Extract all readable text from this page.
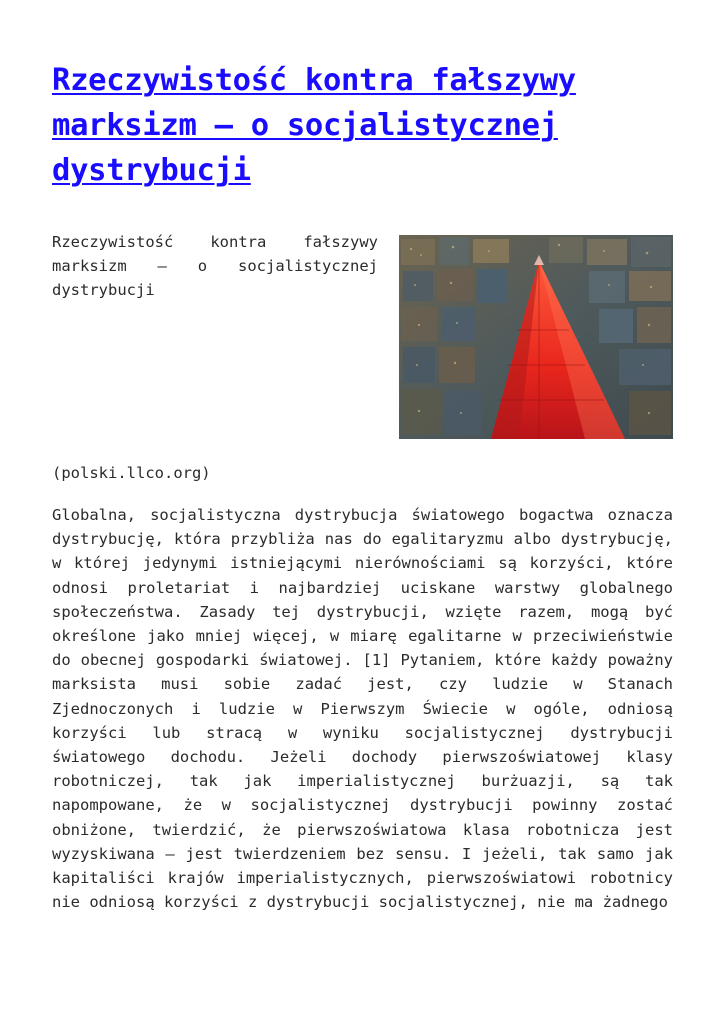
Rzeczywistość kontra fałszywy marksizm – o socjalistycznej dystrybucji
Rzeczywistość kontra fałszywy marksizm – o socjalistycznej dystrybucji
(polski.llco.org)
Globalna, socjalistyczna dystrybucja światowego bogactwa oznacza dystrybucję, która przybliża nas do egalitaryzmu albo dystrybucję, w której jedynymi istniejącymi nierównościami są korzyści, które odnosi proletariat i najbardziej uciskane warstwy globalnego społeczeństwa. Zasady tej dystrybucji, wzięte razem, mogą być określone jako mniej więcej, w miarę egalitarne w przeciwieństwie do obecnej gospodarki światowej. [1] Pytaniem, które każdy poważny marksista musi sobie zadać jest, czy ludzie w Stanach Zjednoczonych i ludzie w Pierwszym Świecie w ogóle, odniosą korzyści lub stracą w wyniku socjalistycznej dystrybucji światowego dochodu. Jeżeli dochody pierwszoświatowej klasy robotniczej, tak jak imperialistycznej burżuazji, są tak napompowane, że w socjalistycznej dystrybucji powinny zostać obniżone, twierdzić, że pierwszoświatowa klasa robotnicza jest wyzyskiwana – jest twierdzeniem bez sensu. I jeżeli, tak samo jak kapitaliści krajów imperialistycznych, pierwszoświatowi robotnicy nie odniosą korzyści z dystrybucji socjalistycznej, nie ma żadnego
